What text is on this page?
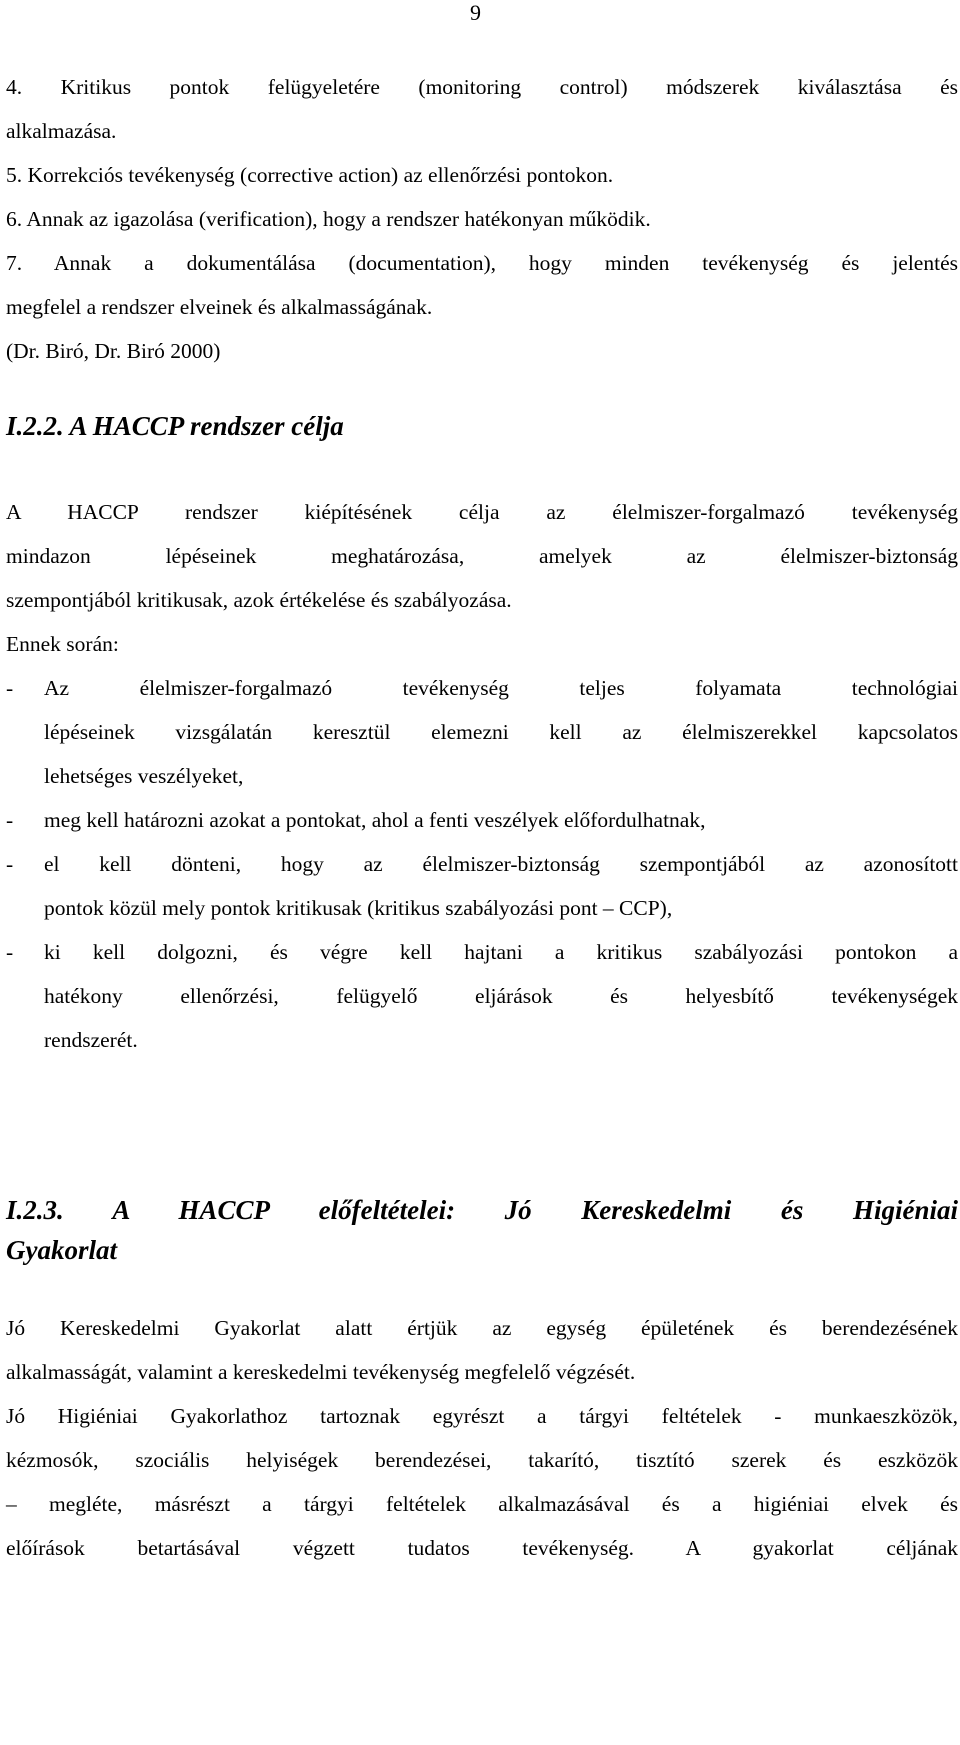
9

4. Kritikus pontok felügyeletére (monitoring control) módszerek kiválasztása és

alkalmazása.

5. Korrekciós tevékenység (corrective action) az ellenőrzési pontokon.

6. Annak az igazolása (verification), hogy a rendszer hatékonyan működik.

7. Annak a dokumentálása (documentation), hogy minden tevékenység és jelentés

megfelel a rendszer elveinek és alkalmasságának.

(Dr. Biró, Dr. Biró 2000)

I.2.2. A HACCP rendszer célja

A HACCP rendszer kiépítésének célja az élelmiszer-forgalmazó tevékenység

mindazon lépéseinek meghatározása, amelyek az élelmiszer-biztonság

szempontjából kritikusak, azok értékelése és szabályozása.

Ennek során:

- Az élelmiszer-forgalmazó tevékenység teljes folyamata technológiai

lépéseinek vizsgálatán keresztül elemezni kell az élelmiszerekkel kapcsolatos

lehetséges veszélyeket,

- meg kell határozni azokat a pontokat, ahol a fenti veszélyek előfordulhatnak,

- el kell dönteni, hogy az élelmiszer-biztonság szempontjából az azonosított

pontok közül mely pontok kritikusak (kritikus szabályozási pont – CCP),

- ki kell dolgozni, és végre kell hajtani a kritikus szabályozási pontokon a

hatékony ellenőrzési, felügyelő eljárások és helyesbítő tevékenységek

rendszerét.

I.2.3. A HACCP előfeltételei: Jó Kereskedelmi és Higiéniai

Gyakorlat

Jó Kereskedelmi Gyakorlat alatt értjük az egység épületének és berendezésének

alkalmasságát, valamint a kereskedelmi tevékenység megfelelő végzését.

Jó Higiéniai Gyakorlathoz tartoznak egyrészt a tárgyi feltételek - munkaeszközök,

kézmosók, szociális helyiségek berendezései, takarító, tisztító szerek és eszközök

– megléte, másrészt a tárgyi feltételek alkalmazásával és a higiéniai elvek és

előírások betartásával végzett tudatos tevékenység. A gyakorlat céljának
